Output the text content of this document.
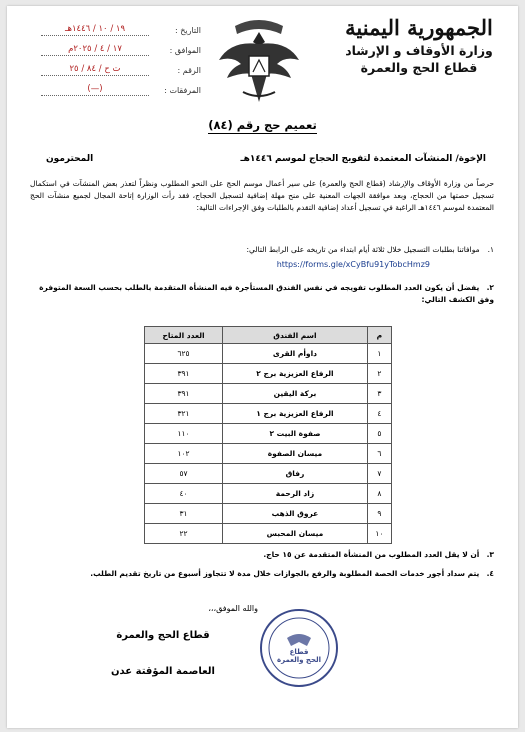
الجمهورية اليمنية
وزارة الأوقاف و الإرشاد
قطاع الحج والعمرة
التاريخ :
١٩ / ١٠ / ١٤٤٦هـ
الموافق :
١٧ / ٤ / ٢٠٢٥م
الرقم :
ت ح / ٨٤ / ٢٥
المرفقات :
(—)
تعميم حج رقم (٨٤)
الإخوة/ المنشآت المعتمدة لتفويج الحجاج لموسم ١٤٤٦هـ
المحترمون
حرصاً من وزارة الأوقاف والإرشاد (قطاع الحج والعمرة) على سير أعمال موسم الحج على النحو المطلوب ونظراً لتعذر بعض المنشآت في استكمال تسجيل حصتها من الحجاج، وبعد موافقة الجهات المعنية على منح مهلة إضافية لتسجيل الحجاج، فقد رأت الوزارة إتاحة المجال لجميع منشآت الحج المعتمدة لموسم ١٤٤٦هـ الراغبة في تسجيل أعداد إضافية التقدم بالطلبات وفق الإجراءات التالية:
١. موافاتنا بطلبات التسجيل خلال ثلاثة أيام ابتداء من تاريخه على الرابط التالي:
https://forms.gle/xCyBfu91yTobcHmz9
٢. يفضل أن يكون العدد المطلوب تفويجه في نفس الفندق المستأجرة فيه المنشأة المتقدمة بالطلب بحسب السعة المتوفرة وفق الكشف التالي:
م	اسم الفندق	العدد المتاح
١	داوأم القرى	٦٢٥
٢	الرفاع العزيزية برج ٢	٣٩١
٣	بركة اليقين	٣٩١
٤	الرفاع العزيزية برج ١	٣٢١
٥	صفوة البيت ٢	١١٠
٦	ميسان الصفوة	١٠٢
٧	رفاق	٥٧
٨	زاد الرحمة	٤٠
٩	عروق الذهب	٣١
١٠	ميسان المحبس	٢٢
٣. أن لا يقل العدد المطلوب من المنشأة المتقدمة عن ١٥ حاج.
٤. يتم سداد أجور خدمات الحصة المطلوبة والرفع بالجوازات خلال مدة لا تتجاوز أسبوع من تاريخ تقديم الطلب.
والله الموفق،،،
قطاع
الحج والعمرة
قطاع الحج والعمرة
العاصمة المؤقتة عدن
